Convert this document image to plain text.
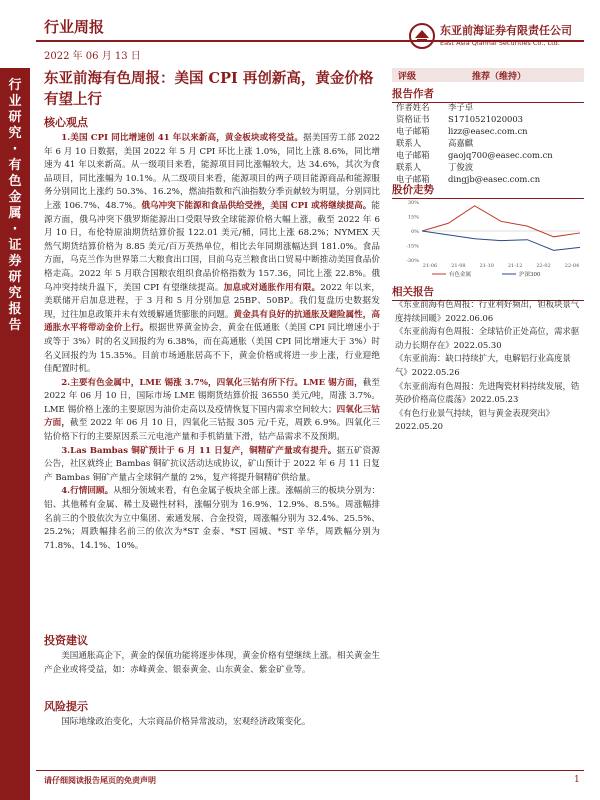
行
业
研
究
·
有
色
金
属
·
证
券
研
究
报
告
行业周报
2022 年 06 月 13 日
东亚前海证券有限责任公司
East Asia Qianhai Securities Co., Ltd.
东亚前海有色周报：美国 CPI 再创新高，黄金价格有望上行
核心观点

1.美国 CPI 同比增速创 41 年以来新高，黄金板块或将受益。据美国劳工部 2022 年 6 月 10 日数据，美国 2022 年 5 月 CPI 环比上涨 1.0%，同比上涨 8.6%，同比增速为 41 年以来新高。从一级项目来看，能源项目同比涨幅较大，达 34.6%，其次为食品项目，同比涨幅为 10.1%。从二级项目来看，能源项目的两子项目能源商品和能源服务分别同比上涨约 50.3%、16.2%，燃油指数和汽油指数分季贡献较为明显，分别同比上涨 106.7%、48.7%。俄乌冲突下能源和食品供给受挫，美国 CPI 或将继续提高。能源方面，俄乌冲突下俄罗斯能源出口受限导致全球能源价格大幅上涨，截至 2022 年 6 月 10 日，布伦特原油期货结算价报 122.01 美元/桶，同比上涨 68.2%；NYMEX 天然气期货结算价格为 8.85 美元/百万英热单位，相比去年同期涨幅达到 181.0%。食品方面，乌克兰作为世界第二大粮食出口国，目前乌克兰粮食出口贸易中断推动美国食品价格走高。2022 年 5 月联合国粮农组织食品价格指数为 157.36，同比上涨 22.8%。俄乌冲突持续升温下，美国 CPI 有望继续提高。加息或对通胀作用有限。2022 年以来，美联储开启加息进程，于 3 月和 5 月分别加息 25BP、50BP。我们复盘历史数据发现，过往加息政策并未有效缓解通货膨胀的问题。黄金具有良好的抗通胀及避险属性，高通胀水平将带动金价上行。根据世界黄金协会，黄金在低通胀（美国 CPI 同比增速小于或等于 3%）时的名义回报约为 6.38%，而在高通胀（美国 CPI 同比增速大于 3%）时名义回报约为 15.35%。目前市场通胀居高不下，黄金价格或将进一步上涨，行业迎绝佳配置时机。

2.主要有色金属中，LME 锡涨 3.7%，四氧化三钴有所下行。LME 锡方面，截至 2022 年 06 月 10 日，国际市场 LME 锡期货结算价报 36550 美元/吨，周涨 3.7%。LME 锡价格上涨的主要原因为油价走高以及疫情恢复下国内需求空间较大；四氧化三钴方面，截至 2022 年 06 月 10 日，四氧化三钴报 305 元/千克，周跌 6.9%。四氧化三钴价格下行的主要原因系三元电池产量和手机销量下滑，钴产品需求不及预期。

3.Las Bambas 铜矿预计于 6 月 11 日复产，铜精矿产量或有提升。据五矿资源公告，社区就终止 Bambas 铜矿抗议活动达成协议，矿山预计于 2022 年 6 月 11 日复产 Bambas 铜矿产量占全球铜产量的 2%，复产将提升铜精矿供给量。

4.行情回顾。从细分领域来看，有色金属子板块全部上涨。涨幅前三的板块分别为：铝、其他稀有金属、稀土及磁性材料，涨幅分别为 16.9%、12.9%、8.5%。周涨幅排名前三的个股依次为立中集团、索通发展、合金投资，周涨幅分别为 32.4%、25.5%、25.2%；周跌幅排名前三的依次为*ST 金泰、*ST 园城、*ST 辛华，周跌幅分别为 71.8%、14.1%、10%。

投资建议

美国通胀高企下，黄金的保值功能将逐步体现，黄金价格有望继续上涨。相关黄金生产企业或将受益，如：赤峰黄金、银泰黄金、山东黄金、紫金矿业等。

风险提示

国际地缘政治变化，大宗商品价格异常波动，宏观经济政策变化。

评级	推荐（维持）
报告作者
作者姓名	李子卓
资格证书	S1710521020003
电子邮箱	lizz@easec.com.cn
联系人	高嘉麒
电子邮箱	gaojq700@easec.com.cn
联系人	丁俊波
电子邮箱	dingjb@easec.com.cn
股价走势
-30%
-15%
0%
15%
30%
21-06	21-08	21-10	21-12	22-02	22-04
有色金属	沪深300
相关报告
《东亚前海有色周报：行业利好频出，钽板块景气度持续回暖》2022.06.06
《东亚前海有色周报：全球钴价正处高位，需求驱动力长期存在》2022.05.30
《东亚前海：缺口持续扩大，电解铝行业高度景气》2022.05.26
《东亚前海有色周报：先进陶瓷材料持续发展，锆英砂价格高位震荡》2022.05.23
《有色行业景气持续，钽与黄金表现突出》2022.05.20
请仔细阅读报告尾页的免责声明	1
